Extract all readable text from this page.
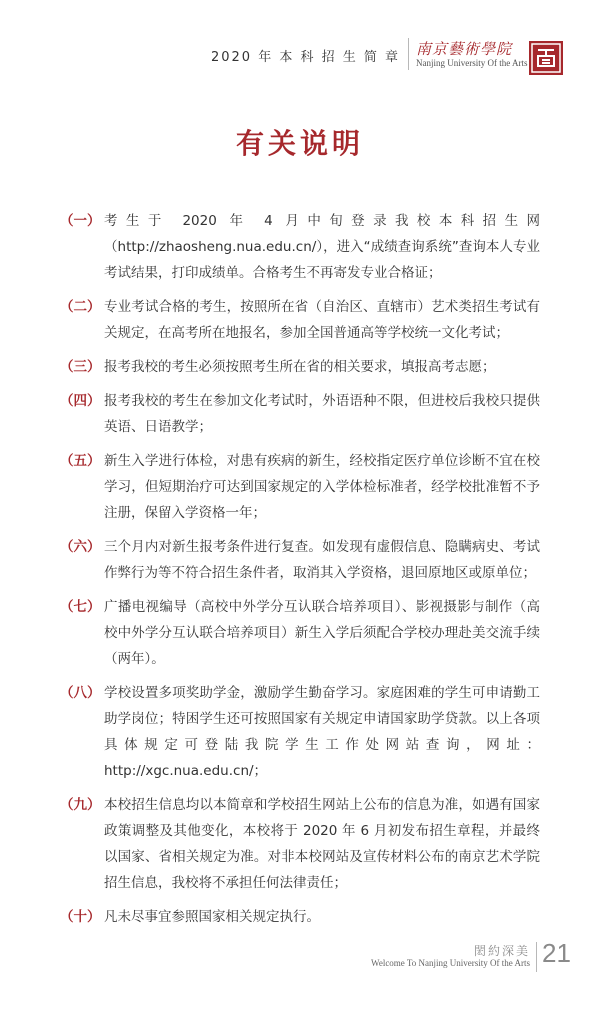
2020 年 本 科 招 生 简 章 南京藝術學院
Nanjing University Of the Arts
有关说明
（一） 考生于 2020 年 4 月中旬登录我校本科招生网（http://zhaosheng.nua.edu.cn/），进入“成绩查询系统”查询本人专业考试结果，打印成绩单。合格考生不再寄发专业合格证；
（二） 专业考试合格的考生，按照所在省（自治区、直辖市）艺术类招生考试有关规定，在高考所在地报名，参加全国普通高等学校统一文化考试；
（三） 报考我校的考生必须按照考生所在省的相关要求，填报高考志愿；
（四） 报考我校的考生在参加文化考试时，外语语种不限，但进校后我校只提供英语、日语教学；
（五） 新生入学进行体检，对患有疾病的新生，经校指定医疗单位诊断不宜在校学习，但短期治疗可达到国家规定的入学体检标准者，经学校批准暂不予注册，保留入学资格一年；
（六） 三个月内对新生报考条件进行复查。如发现有虚假信息、隐瞒病史、考试作弊行为等不符合招生条件者，取消其入学资格，退回原地区或原单位；
（七） 广播电视编导（高校中外学分互认联合培养项目）、影视摄影与制作（高校中外学分互认联合培养项目）新生入学后须配合学校办理赴美交流手续（两年）。
（八） 学校设置多项奖助学金，激励学生勤奋学习。家庭困难的学生可申请勤工助学岗位；特困学生还可按照国家有关规定申请国家助学贷款。以上各项具体规定可登陆我院学生工作处网站查询，网址：http://xgc.nua.edu.cn/；
（九） 本校招生信息均以本简章和学校招生网站上公布的信息为准，如遇有国家政策调整及其他变化，本校将于 2020 年 6 月初发布招生章程，并最终以国家、省相关规定为准。对非本校网站及宣传材料公布的南京艺术学院招生信息，我校将不承担任何法律责任；
（十） 凡未尽事宜参照国家相关规定执行。
閎約深美
Welcome To Nanjing University Of the Arts 21
